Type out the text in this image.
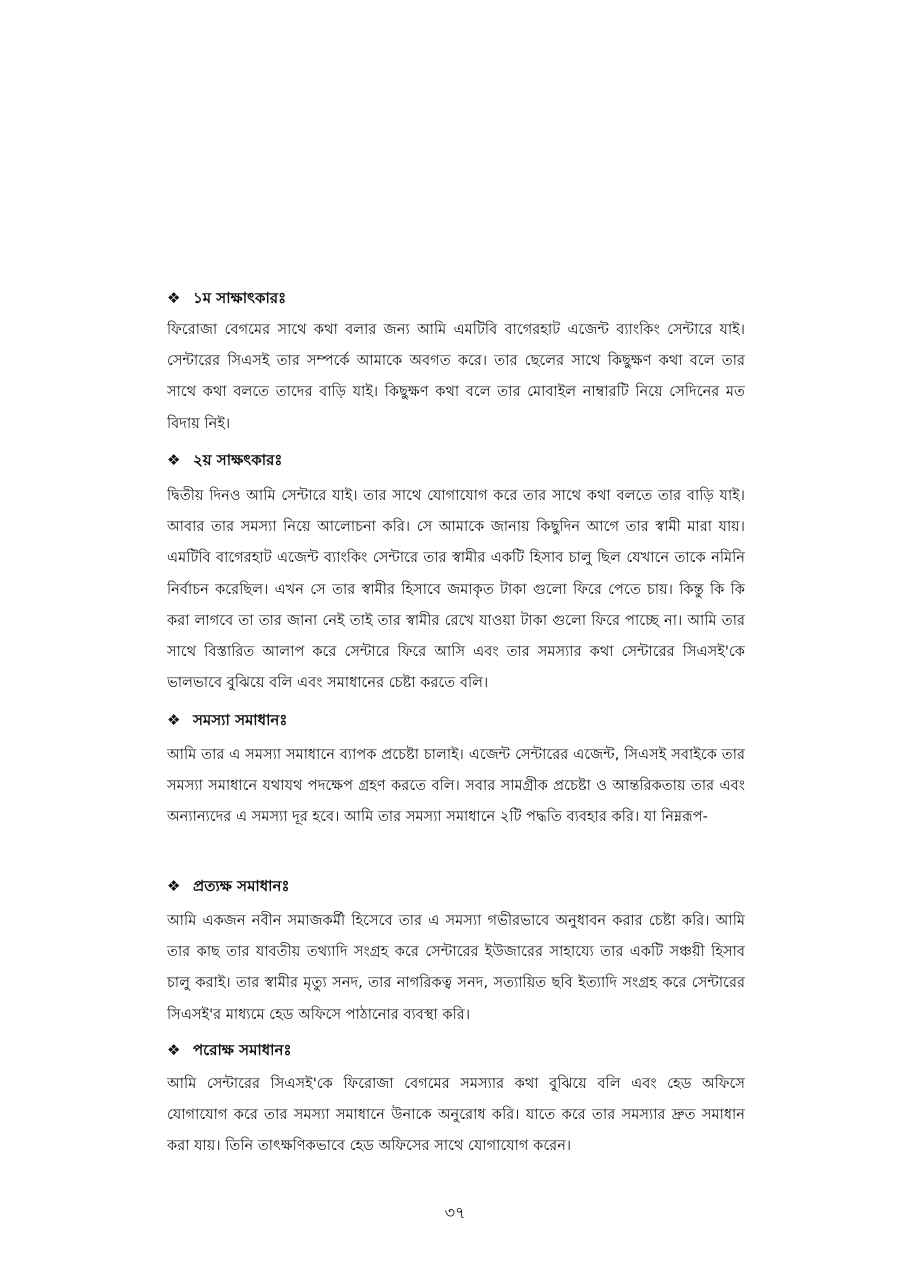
❖ ১ম সাক্ষাৎকারঃ

ফিরোজা বেগমের সাথে কথা বলার জন্য আমি এমটিবি বাগেরহাট এজেন্ট ব্যাংকিং সেন্টারে যাই। সেন্টারের সিএসই তার সম্পর্কে আমাকে অবগত করে। তার ছেলের সাথে কিছুক্ষণ কথা বলে তার সাথে কথা বলতে তাদের বাড়ি যাই। কিছুক্ষণ কথা বলে তার মোবাইল নাম্বারটি নিয়ে সেদিনের মত বিদায় নিই।

❖ ২য় সাক্ষৎকারঃ

দ্বিতীয় দিনও আমি সেন্টারে যাই। তার সাথে যোগাযোগ করে তার সাথে কথা বলতে তার বাড়ি যাই। আবার তার সমস্যা নিয়ে আলোচনা করি। সে আমাকে জানায় কিছুদিন আগে তার স্বামী মারা যায়। এমটিবি বাগেরহাট এজেন্ট ব্যাংকিং সেন্টারে তার স্বামীর একটি হিসাব চালু ছিল যেখানে তাকে নমিনি নির্বাচন করেছিল। এখন সে তার স্বামীর হিসাবে জমাকৃত টাকা গুলো ফিরে পেতে চায়। কিন্তু কি কি করা লাগবে তা তার জানা নেই তাই তার স্বামীর রেখে যাওয়া টাকা গুলো ফিরে পাচ্ছে না। আমি তার সাথে বিস্তারিত আলাপ করে সেন্টারে ফিরে আসি এবং তার সমস্যার কথা সেন্টারের সিএসই'কে ভালভাবে বুঝিয়ে বলি এবং সমাধানের চেষ্টা করতে বলি।

❖ সমস্যা সমাধানঃ

আমি তার এ সমস্যা সমাধানে ব্যাপক প্রচেষ্টা চালাই। এজেন্ট সেন্টারের এজেন্ট, সিএসই সবাইকে তার সমস্যা সমাধানে যথাযথ পদক্ষেপ গ্রহণ করতে বলি। সবার সামগ্রীক প্রচেষ্টা ও আন্তরিকতায় তার এবং অন্যান্যদের এ সমস্যা দূর হবে। আমি তার সমস্যা সমাধানে ২টি পদ্ধতি ব্যবহার করি। যা নিম্নরূপ-

❖ প্রত্যক্ষ সমাধানঃ

আমি একজন নবীন সমাজকর্মী হিসেবে তার এ সমস্যা গভীরভাবে অনুধাবন করার চেষ্টা করি। আমি তার কাছ তার যাবতীয় তথ্যাদি সংগ্রহ করে সেন্টারের ইউজারের সাহায্যে তার একটি সঞ্চয়ী হিসাব চালু করাই। তার স্বামীর মৃত্যু সনদ, তার নাগরিকত্ব সনদ, সত্যায়িত ছবি ইত্যাদি সংগ্রহ করে সেন্টারের সিএসই'র মাধ্যমে হেড অফিসে পাঠানোর ব্যবস্থা করি।

❖ পরোক্ষ সমাধানঃ

আমি সেন্টারের সিএসই'কে ফিরোজা বেগমের সমস্যার কথা বুঝিয়ে বলি এবং হেড অফিসে যোগাযোগ করে তার সমস্যা সমাধানে উনাকে অনুরোধ করি। যাতে করে তার সমস্যার দ্রুত সমাধান করা যায়। তিনি তাৎক্ষণিকভাবে হেড অফিসের সাথে যোগাযোগ করেন।

৩৭
